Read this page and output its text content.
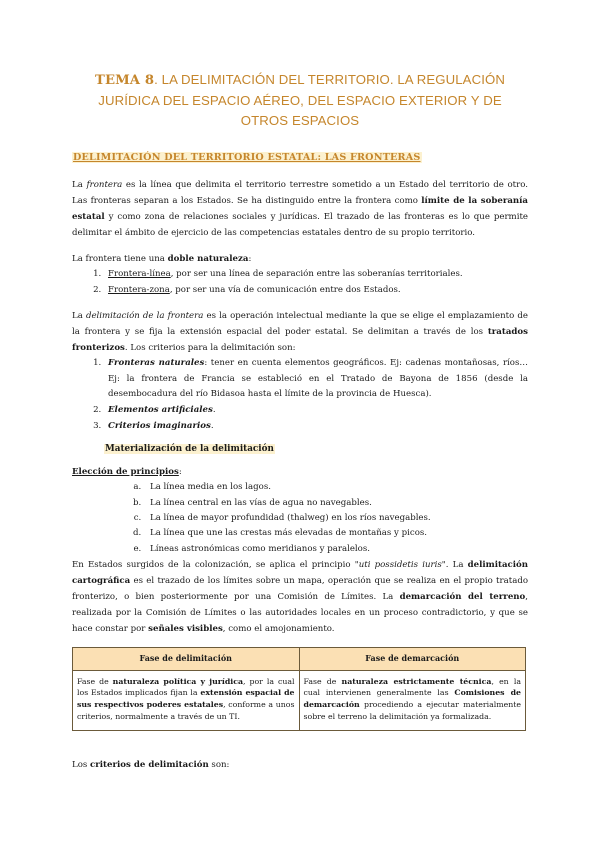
TEMA 8. LA DELIMITACIÓN DEL TERRITORIO. LA REGULACIÓN JURÍDICA DEL ESPACIO AÉREO, DEL ESPACIO EXTERIOR Y DE OTROS ESPACIOS
DELIMITACIÓN DEL TERRITORIO ESTATAL: LAS FRONTERAS

La frontera es la línea que delimita el territorio terrestre sometido a un Estado del territorio de otro. Las fronteras separan a los Estados. Se ha distinguido entre la frontera como límite de la soberanía estatal y como zona de relaciones sociales y jurídicas. El trazado de las fronteras es lo que permite delimitar el ámbito de ejercicio de las competencias estatales dentro de su propio territorio.

La frontera tiene una doble naturaleza:

1. Frontera-línea, por ser una línea de separación entre las soberanías territoriales.
2. Frontera-zona, por ser una vía de comunicación entre dos Estados.

La delimitación de la frontera es la operación intelectual mediante la que se elige el emplazamiento de la frontera y se fija la extensión espacial del poder estatal. Se delimitan a través de los tratados fronterizos. Los criterios para la delimitación son:

1. Fronteras naturales: tener en cuenta elementos geográficos. Ej: cadenas montañosas, ríos…Ej: la frontera de Francia se estableció en el Tratado de Bayona de 1856 (desde la desembocadura del río Bidasoa hasta el límite de la provincia de Huesca).
2. Elementos artificiales.
3. Criterios imaginarios.
Materialización de la delimitación

Elección de principios:

a. La línea media en los lagos.
b. La línea central en las vías de agua no navegables.
c. La línea de mayor profundidad (thalweg) en los ríos navegables.
d. La línea que une las crestas más elevadas de montañas y picos.
e. Líneas astronómicas como meridianos y paralelos.

En Estados surgidos de la colonización, se aplica el principio "uti possidetis iuris". La delimitación cartográfica es el trazado de los límites sobre un mapa, operación que se realiza en el propio tratado fronterizo, o bien posteriormente por una Comisión de Límites. La demarcación del terreno, realizada por la Comisión de Límites o las autoridades locales en un proceso contradictorio, y que se hace constar por señales visibles, como el amojonamiento.

Fase de delimitación	Fase de demarcación
Fase de naturaleza política y jurídica, por la cual los Estados implicados fijan la extensión espacial de sus respectivos poderes estatales, conforme a unos criterios, normalmente a través de un TI.	Fase de naturaleza estrictamente técnica, en la cual intervienen generalmente las Comisiones de demarcación procediendo a ejecutar materialmente sobre el terreno la delimitación ya formalizada.

Los criterios de delimitación son:
